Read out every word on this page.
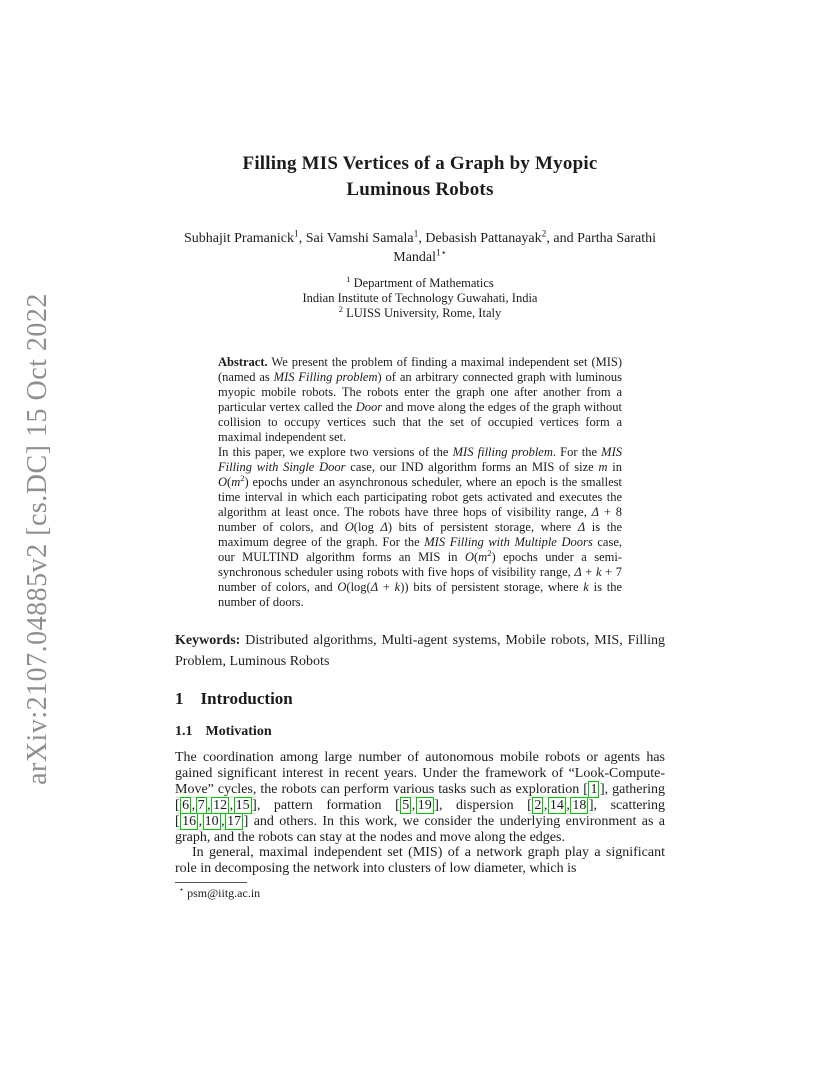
arXiv:2107.04885v2 [cs.DC] 15 Oct 2022
Filling MIS Vertices of a Graph by Myopic
Luminous Robots
Subhajit Pramanick$^1$, Sai Vamshi Samala$^1$, Debasish Pattanayak$^2$, and Partha Sarathi Mandal$^{1⋆}$
$^1$ Department of Mathematics
Indian Institute of Technology Guwahati, India
$^2$ LUISS University, Rome, Italy

Abstract. We present the problem of finding a maximal independent set (MIS) (named as MIS Filling problem) of an arbitrary connected graph with luminous myopic mobile robots. The robots enter the graph one after another from a particular vertex called the Door and move along the edges of the graph without collision to occupy vertices such that the set of occupied vertices form a maximal independent set.

In this paper, we explore two versions of the MIS filling problem. For the MIS Filling with Single Door case, our IND algorithm forms an MIS of size m in $O(m^2)$ epochs under an asynchronous scheduler, where an epoch is the smallest time interval in which each participating robot gets activated and executes the algorithm at least once. The robots have three hops of visibility range, Δ + 8 number of colors, and O(log Δ) bits of persistent storage, where Δ is the maximum degree of the graph. For the MIS Filling with Multiple Doors case, our MULTIND algorithm forms an MIS in $O(m^2)$ epochs under a semi-synchronous scheduler using robots with five hops of visibility range, Δ + k + 7 number of colors, and O(log(Δ + k)) bits of persistent storage, where k is the number of doors.

Keywords: Distributed algorithms, Multi-agent systems, Mobile robots, MIS, Filling Problem, Luminous Robots
1 Introduction
1.1 Motivation

The coordination among large number of autonomous mobile robots or agents has gained significant interest in recent years. Under the framework of “Look-Compute-Move” cycles, the robots can perform various tasks such as exploration [ 1 ], gathering [ 6 , 7 , 12 , 15 ], pattern formation [ 5 , 19 ], dispersion [ 2 , 14 , 18 ], scattering [ 16 , 10 , 17 ] and others. In this work, we consider the underlying environment as a graph, and the robots can stay at the nodes and move along the edges.

In general, maximal independent set (MIS) of a network graph play a significant role in decomposing the network into clusters of low diameter, which is

⋆ psm@iitg.ac.in
